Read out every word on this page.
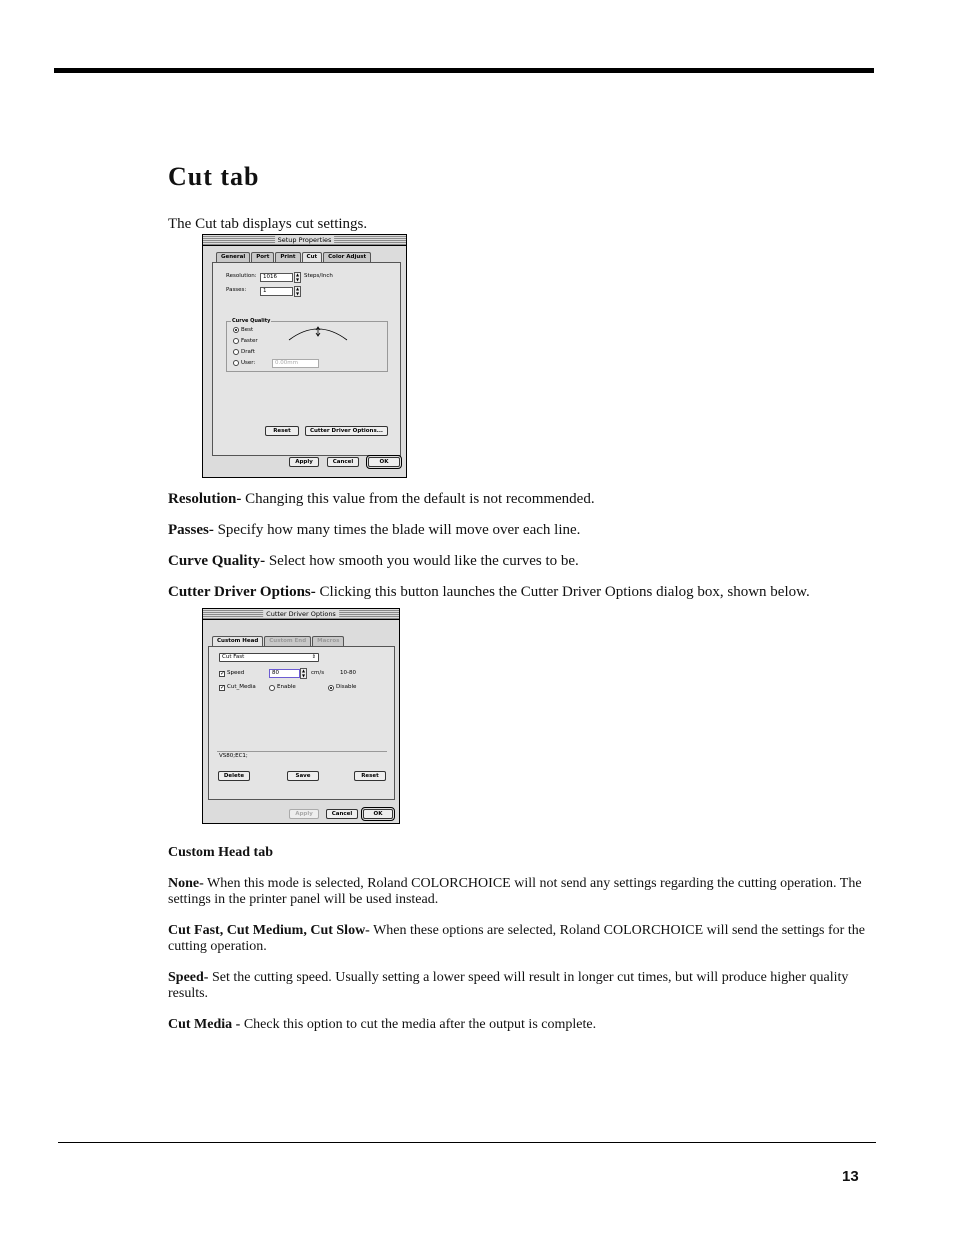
Cut tab

The Cut tab displays cut settings.

Setup Properties
General	Port	Print	Cut	Color Adjust
Resolution:	1016	▲
▼ Steps/Inch
Passes:	1	▲
▼
Curve Quality
Best
Faster
Draft
User:	0.00mm
Reset	Cutter Driver Options...
Apply	Cancel	OK

Resolution- Changing this value from the default is not recommended.

Passes- Specify how many times the blade will move over each line.

Curve Quality- Select how smooth you would like the curves to be.

Cutter Driver Options- Clicking this button launches the Cutter Driver Options dialog box, shown below.

Cutter Driver Options
Custom Head	Custom End	Macros
Cut Fast	⇕
✓ Speed	80	▲
▼	cm/s	10-80
✓ Cut_Media	Enable	Disable
VS80;EC1;
Delete	Save	Reset
Apply	Cancel	OK

Custom Head tab

None- When this mode is selected, Roland COLORCHOICE will not send any settings regarding the cutting operation. The settings in the printer panel will be used instead.

Cut Fast, Cut Medium, Cut Slow- When these options are selected, Roland COLORCHOICE will send the settings for the cutting operation.

Speed- Set the cutting speed. Usually setting a lower speed will result in longer cut times, but will produce higher quality results.

Cut Media - Check this option to cut the media after the output is complete.

13
